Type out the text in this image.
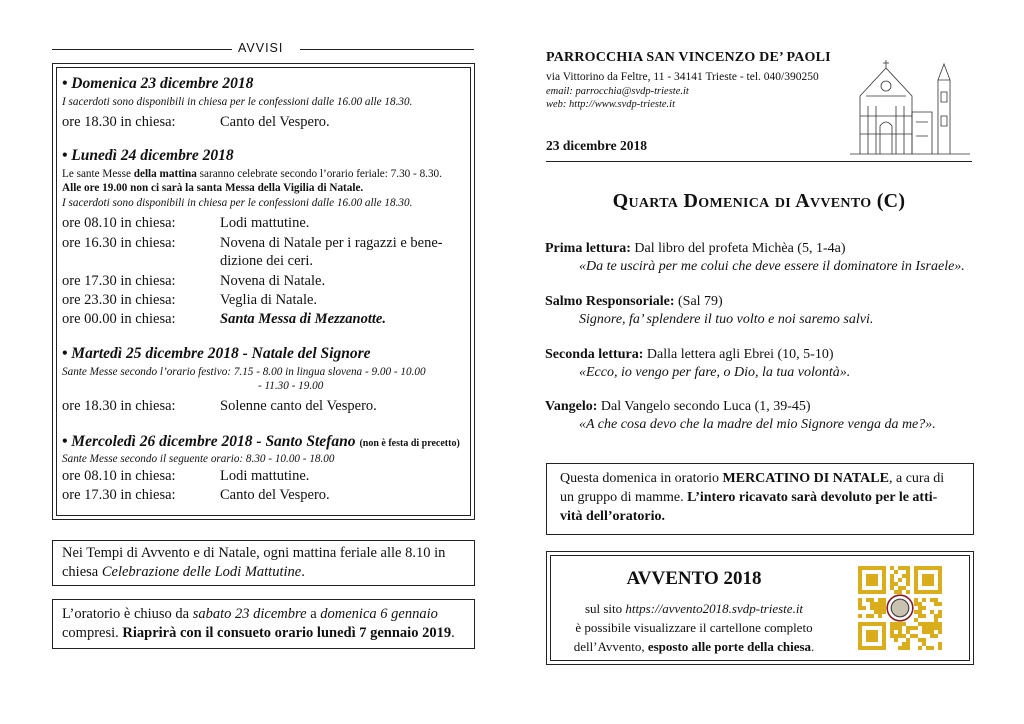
AVVISI
• Domenica 23 dicembre 2018
I sacerdoti sono disponibili in chiesa per le confessioni dalle 16.00 alle 18.30.
ore 18.30 in chiesa:	Canto del Vespero.
• Lunedì 24 dicembre 2018
Le sante Messe della mattina saranno celebrate secondo l’orario feriale: 7.30 - 8.30.
Alle ore 19.00 non ci sarà la santa Messa della Vigilia di Natale.
I sacerdoti sono disponibili in chiesa per le confessioni dalle 16.00 alle 18.30.
ore 08.10 in chiesa:	Lodi mattutine.
ore 16.30 in chiesa:	Novena di Natale per i ragazzi e bene-
dizione dei ceri.
ore 17.30 in chiesa:	Novena di Natale.
ore 23.30 in chiesa:	Veglia di Natale.
ore 00.00 in chiesa:	Santa Messa di Mezzanotte.
• Martedì 25 dicembre 2018 - Natale del Signore
Sante Messe secondo l’orario festivo: 7.15 - 8.00 in lingua slovena - 9.00 - 10.00
- 11.30 - 19.00
ore 18.30 in chiesa:	Solenne canto del Vespero.
• Mercoledì 26 dicembre 2018 - Santo Stefano (non è festa di precetto)
Sante Messe secondo il seguente orario: 8.30 - 10.00 - 18.00
ore 08.10 in chiesa:	Lodi mattutine.
ore 17.30 in chiesa:	Canto del Vespero.
Nei Tempi di Avvento e di Natale, ogni mattina feriale alle 8.10 in
chiesa Celebrazione delle Lodi Mattutine.
L’oratorio è chiuso da sabato 23 dicembre a domenica 6 gennaio
compresi. Riaprirà con il consueto orario lunedì 7 gennaio 2019.
PARROCCHIA SAN VINCENZO DE’ PAOLI
via Vittorino da Feltre, 11 - 34141 Trieste - tel. 040/390250
email: parrocchia@svdp-trieste.it
web: http://www.svdp-trieste.it
23 dicembre 2018
Quarta Domenica di Avvento (C)
Prima lettura: Dal libro del profeta Michèa (5, 1-4a)
«Da te uscirà per me colui che deve essere il dominatore in Israele».
Salmo Responsoriale: (Sal 79)
Signore, fa’ splendere il tuo volto e noi saremo salvi.
Seconda lettura: Dalla lettera agli Ebrei (10, 5-10)
«Ecco, io vengo per fare, o Dio, la tua volontà».
Vangelo: Dal Vangelo secondo Luca (1, 39-45)
«A che cosa devo che la madre del mio Signore venga da me?».
Questa domenica in oratorio MERCATINO DI NATALE, a cura di
un gruppo di mamme. L’intero ricavato sarà devoluto per le atti-
vità dell’oratorio.
AVVENTO 2018
sul sito https://avvento2018.svdp-trieste.it
è possibile visualizzare il cartellone completo
dell’Avvento, esposto alle porte della chiesa.
